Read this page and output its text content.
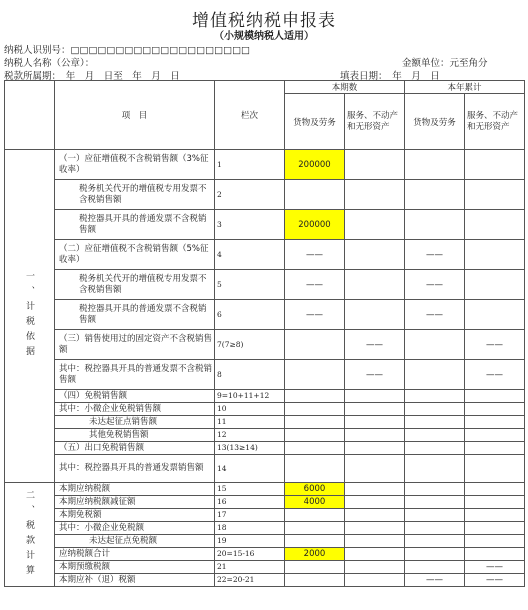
增值税纳税申报表
（小规模纳税人适用）
纳税人识别号：□□□□□□□□□□□□□□□□□□□□
纳税人名称（公章）：	金额单位：元至角分
税款所属期：　年　月　日至　年　月　日	填表日期：　年　月　日
	项　目	栏次	本期数		本年累计	
			货物及劳务	服务、不动产和无形资产	货物及劳务	服务、不动产和无形资产
一、计税依据	（一）应征增值税不含税销售额（3%征收率）	1	200000			
	税务机关代开的增值税专用发票不含税销售额	2				
	税控器具开具的普通发票不含税销售额	3	200000			
	（二）应征增值税不含税销售额（5%征收率）	4	——		——	
	税务机关代开的增值税专用发票不含税销售额	5	——		——	
	税控器具开具的普通发票不含税销售额	6	——		——	
	（三）销售使用过的固定资产不含税销售额	7(7≥8)		——		——
	其中：税控器具开具的普通发票不含税销售额	8		——		——
	（四）免税销售额	9=10+11+12				
	其中：小微企业免税销售额	10				
	未达起征点销售额	11				
	其他免税销售额	12				
	（五）出口免税销售额	13(13≥14)				
	其中：税控器具开具的普通发票销售额	14				
二、税款计算	本期应纳税额	15	6000			
	本期应纳税额减征额	16	4000			
	本期免税额	17				
	其中：小微企业免税额	18				
	未达起征点免税额	19				
	应纳税额合计	20=15-16	2000			
	本期预缴税额	21				——
	本期应补（退）税额	22=20-21			——	——
